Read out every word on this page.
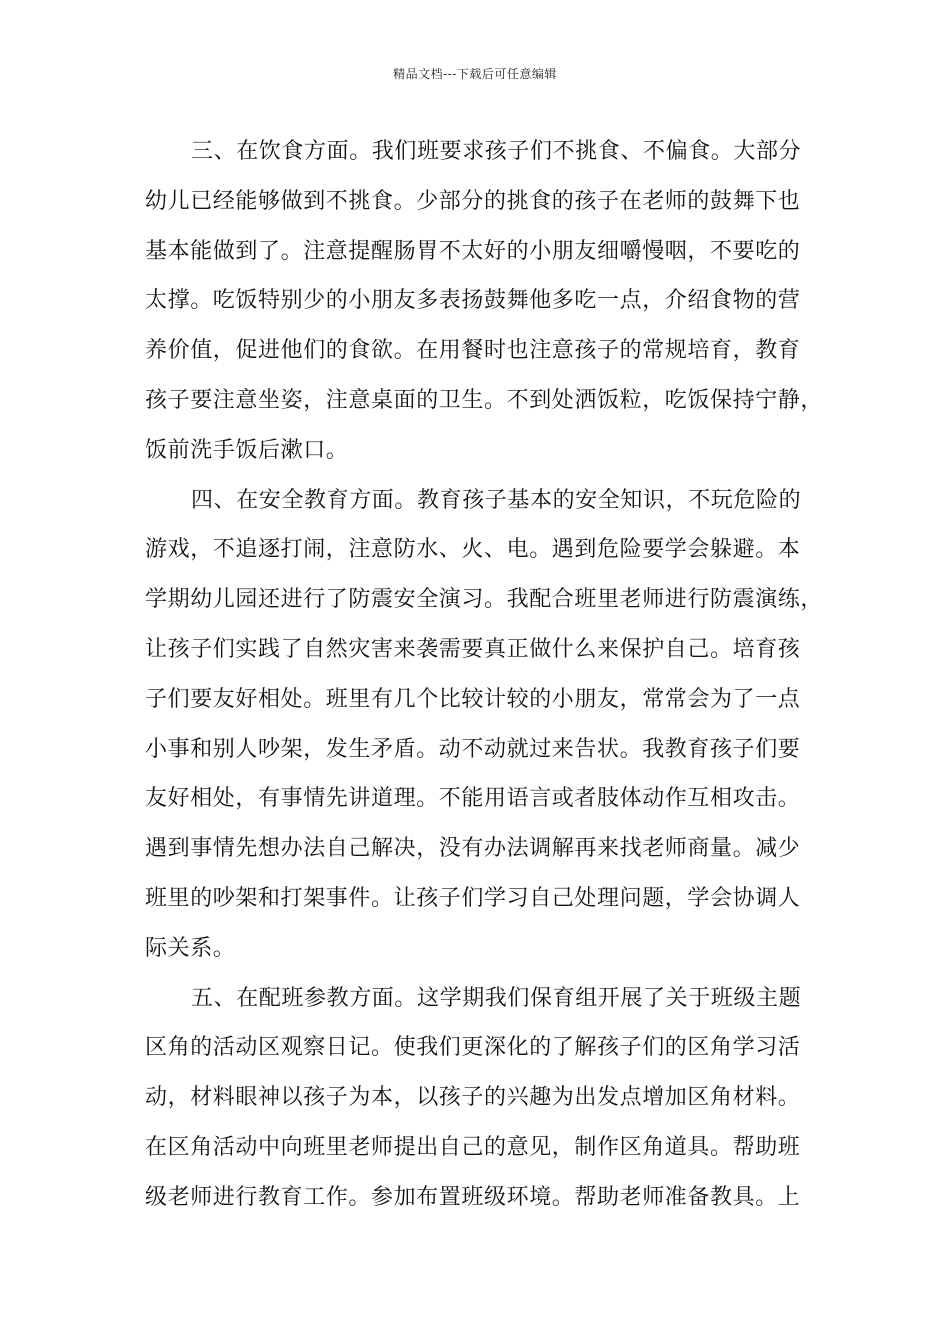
精品文档---下载后可任意编辑
三、在饮食方面。我们班要求孩子们不挑食、不偏食。大部分
幼儿已经能够做到不挑食。少部分的挑食的孩子在老师的鼓舞下也
基本能做到了。注意提醒肠胃不太好的小朋友细嚼慢咽，不要吃的
太撑。吃饭特别少的小朋友多表扬鼓舞他多吃一点，介绍食物的营
养价值，促进他们的食欲。在用餐时也注意孩子的常规培育，教育
孩子要注意坐姿，注意桌面的卫生。不到处洒饭粒，吃饭保持宁静，
饭前洗手饭后漱口。
四、在安全教育方面。教育孩子基本的安全知识，不玩危险的
游戏，不追逐打闹，注意防水、火、电。遇到危险要学会躲避。本
学期幼儿园还进行了防震安全演习。我配合班里老师进行防震演练，
让孩子们实践了自然灾害来袭需要真正做什么来保护自己。培育孩
子们要友好相处。班里有几个比较计较的小朋友，常常会为了一点
小事和别人吵架，发生矛盾。动不动就过来告状。我教育孩子们要
友好相处，有事情先讲道理。不能用语言或者肢体动作互相攻击。
遇到事情先想办法自己解决，没有办法调解再来找老师商量。减少
班里的吵架和打架事件。让孩子们学习自己处理问题，学会协调人
际关系。
五、在配班参教方面。这学期我们保育组开展了关于班级主题
区角的活动区观察日记。使我们更深化的了解孩子们的区角学习活
动，材料眼神以孩子为本，以孩子的兴趣为出发点增加区角材料。
在区角活动中向班里老师提出自己的意见，制作区角道具。帮助班
级老师进行教育工作。参加布置班级环境。帮助老师准备教具。上
